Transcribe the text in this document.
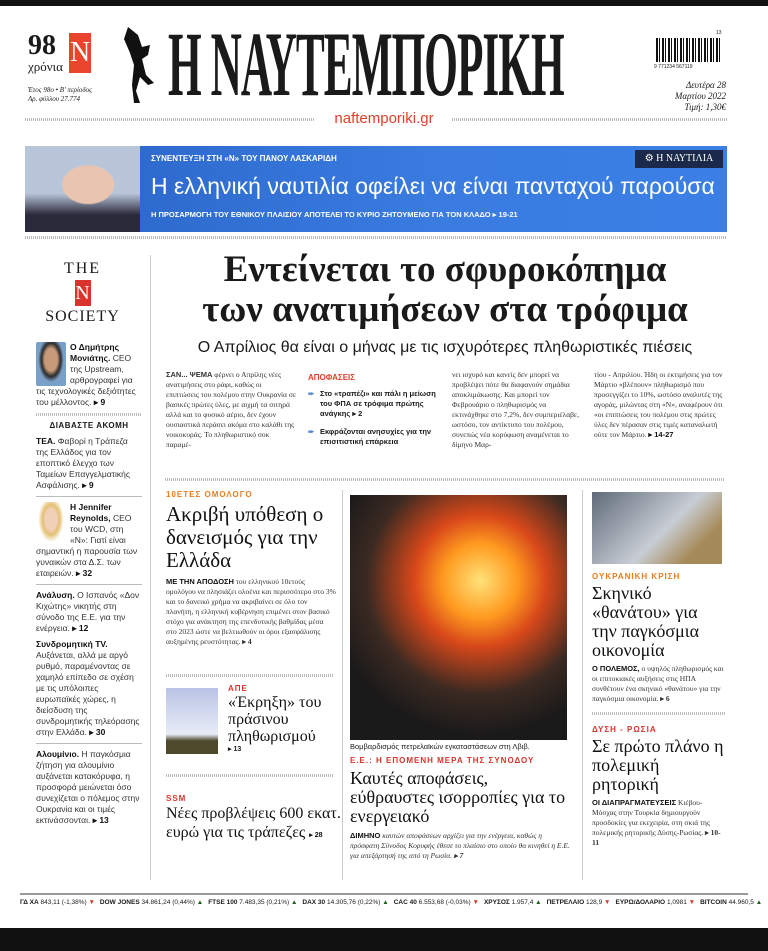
98
χρόνια N
Έτος 98ο • Β' περίοδος
Αρ. φύλλου 27.774 Η ΝΑΥΤΕΜΠΟΡΙΚΗ	9 771234 567119
13
Δευτέρα 28
Μαρτίου 2022
Τιμή: 1,30€
naftemporiki.gr
ΣΥΝΕΝΤΕΥΞΗ ΣΤΗ «Ν» ΤΟΥ ΠΑΝΟΥ ΛΑΣΚΑΡΙΔΗ
Η ελληνική ναυτιλία οφείλει να είναι πανταχού παρούσα
Η ΠΡΟΣΑΡΜΟΓΗ ΤΟΥ ΕΘΝΙΚΟΥ ΠΛΑΙΣΙΟΥ ΑΠΟΤΕΛΕΙ ΤΟ ΚΥΡΙΟ ΖΗΤΟΥΜΕΝΟ ΓΙΑ ΤΟΝ ΚΛΑΔΟ ▸ 19-21
⚙ Η ΝΑΥΤΙΛΙΑ
THE
N
SOCIETY
Ο Δημήτρης Μονιάτης. CEO της Upstream, αρθρογραφεί για τις τεχνολογικές δεξιότητες του μέλλοντος. ▸ 9
ΔΙΑΒΑΣΤΕ ΑΚΟΜΗ
ΤΕΑ. Φαβορί η Τράπεζα της Ελλάδος για τον εποπτικό έλεγχο των Ταμείων Επαγγελματικής Ασφάλισης. ▸ 9
Η Jennifer Reynolds, CEO του WCD, στη «Ν»: Γιατί είναι σημαντική η παρουσία των γυναικών στα Δ.Σ. των εταιρειών. ▸ 32
Ανάλυση. Ο Ισπανός «Δον Κιχώτης» νικητής στη σύνοδο της Ε.Ε. για την ενέργεια. ▸ 12
Συνδρομητική TV. Αυξάνεται, αλλά με αργό ρυθμό, παραμένοντας σε χαμηλό επίπεδο σε σχέση με τις υπόλοιπες ευρωπαϊκές χώρες, η διείσδυση της συνδρομητικής τηλεόρασης στην Ελλάδα. ▸ 30
Αλουμίνιο. Η παγκόσμια ζήτηση για αλουμίνιο αυξάνεται κατακόρυφα, η προσφορά μειώνεται όσο συνεχίζεται ο πόλεμος στην Ουκρανία και οι τιμές εκτινάσσονται. ▸ 13
Εντείνεται το σφυροκόπημα
των ανατιμήσεων στα τρόφιμα
Ο Απρίλιος θα είναι ο μήνας με τις ισχυρότερες πληθωριστικές πιέσεις
ΣΑΝ... ΨΕΜΑ φέρνει ο Απρίλης νέες ανατιμήσεις στο ράφι, καθώς οι επιπτώσεις του πολέμου στην Ουκρανία σε βασικές πρώτες ύλες, με αιχμή τα σιτηρά αλλά και το φυσικό αέριο, δεν έχουν ουσιαστικά περάσει ακόμα στο καλάθι της νοικοκυράς. Το πληθωριστικό σοκ παραμέ-
ΑΠΟΦΑΣΕΙΣ
➨ Στο «τραπέζι» και πάλι η μείωση του ΦΠΑ σε τρόφιμα πρώτης ανάγκης ▸ 2
➨ Εκφράζονται ανησυχίες για την επισιτιστική επάρκεια
νει ισχυρό και κανείς δεν μπορεί να προβλέψει πότε θα διαφανούν σημάδια αποκλιμάκωσης. Και μπορεί τον Φεβρουάριο ο πληθωρισμός να εκτινάχθηκε στο 7,2%, δεν συμπεριέλαβε, ωστόσο, τον αντίκτυπο του πολέμου, συνεπώς νέα κορύφωση αναμένεται το δίμηνο Μαρ-
τίου - Απριλίου. Ήδη οι εκτιμήσεις για τον Μάρτιο «βλέπουν» πληθωρισμό που προσεγγίζει το 10%, ωστόσο αναλυτές της αγοράς, μιλώντας στη «Ν», αναφέρουν ότι «οι επιπτώσεις του πολέμου στις πρώτες ύλες δεν πέρασαν στις τιμές καταναλωτή ούτε τον Μάρτιο. ▸ 14-27
10ΕΤΕΣ ΟΜΟΛΟΓΟ
Ακριβή υπόθεση ο δανεισμός για την Ελλάδα
ΜΕ ΤΗΝ ΑΠΟΔΟΣΗ του ελληνικού 10ετούς ομολόγου να πλησιάζει ολοένα και περισσότερο στο 3% και το δανεικό χρήμα να ακριβαίνει σε όλο τον πλανήτη, η ελληνική κυβέρνηση επιμένει στον βασικό στόχο για ανάκτηση της επενδυτικής βαθμίδας μέσα στο 2023 ώστε να βελτιωθούν οι όροι εξασφάλισης αυξημένης ρευστότητας. ▸ 4
ΑΠΕ
«Έκρηξη» του πράσινου πληθωρισμού
▸ 13
SSM
Νέες προβλέψεις 600 εκατ. ευρώ για τις τράπεζες ▸ 28
Βομβαρδισμός πετρελαϊκών εγκαταστάσεων στη Λβιβ.
Ε.Ε.: Η ΕΠΟΜΕΝΗ ΜΕΡΑ ΤΗΣ ΣΥΝΟΔΟΥ
Καυτές αποφάσεις, εύθραυστες ισορροπίες για το ενεργειακό
ΔΙΜΗΝΟ καυτών αποφάσεων αρχίζει για την ενέργεια, καθώς η πρόσφατη Σύνοδος Κορυφής έθεσε το πλαίσιο στο οποίο θα κινηθεί η Ε.Ε. για απεξάρτησή της από τη Ρωσία. ▸ 7
ΟΥΚΡΑΝΙΚΗ ΚΡΙΣΗ
Σκηνικό «θανάτου» για την παγκόσμια οικονομία
Ο ΠΟΛΕΜΟΣ, ο υψηλός πληθωρισμός και οι επιτοκιακές αυξήσεις στις ΗΠΑ συνθέτουν ένα σκηνικό «θανάτου» για την παγκόσμια οικονομία. ▸ 6
ΔΥΣΗ - ΡΩΣΙΑ
Σε πρώτο πλάνο η πολεμική ρητορική
ΟΙ ΔΙΑΠΡΑΓΜΑΤΕΥΣΕΙΣ Κιέβου-Μόσχας στην Τουρκία δημιουργούν προσδοκίες για εκεχειρία, στη σκιά της πολεμικής ρητορικής Δύσης-Ρωσίας. ▸ 10-11
ΓΔ ΧΑ 843,11 (-1,38%) ▼ DOW JONES 34.861,24 (0,44%) ▲ FTSE 100 7.483,35 (0,21%) ▲ DAX 30 14.305,76 (0,22%) ▲ CAC 40 6.553,68 (-0,03%) ▼ ΧΡΥΣΟΣ 1.957,4 ▲ ΠΕΤΡΕΛΑΙΟ 128,9 ▼ ΕΥΡΩ/ΔΟΛΑΡΙΟ 1,0981 ▼ BITCOIN 44.960,5 ▲
